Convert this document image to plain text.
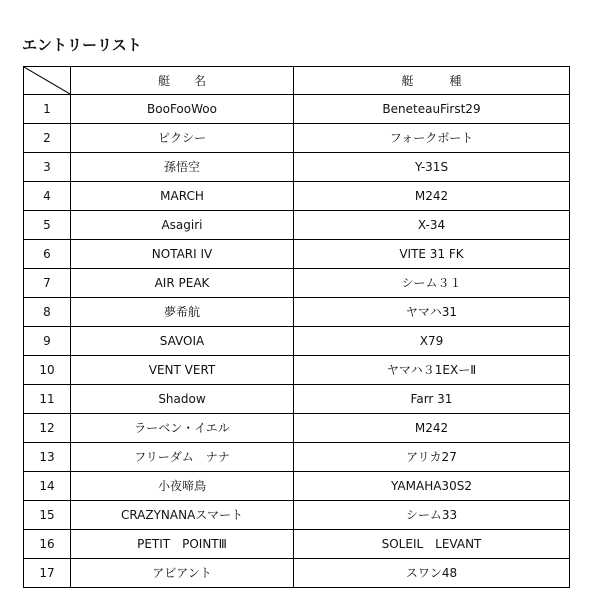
エントリーリスト
	艇　　名	艇　　　種
1	BooFooWoo	BeneteauFirst29
2	ピクシー	フォークボート
3	孫悟空	Y-31S
4	MARCH	M242
5	Asagiri	X-34
6	NOTARI IV	VITE 31 FK
7	AIR PEAK	シーム３１
8	夢希航	ヤマハ31
9	SAVOIA	X79
10	VENT VERT	ヤマハ３1EXーⅡ
11	Shadow	Farr 31
12	ラーベン・イエル	M242
13	フリーダム　ナナ	アリカ27
14	小夜啼鳥	YAMAHA30S2
15	CRAZYNANAスマート	シーム33
16	PETIT　POINTⅢ	SOLEIL　LEVANT
17	アビアント	スワン48
